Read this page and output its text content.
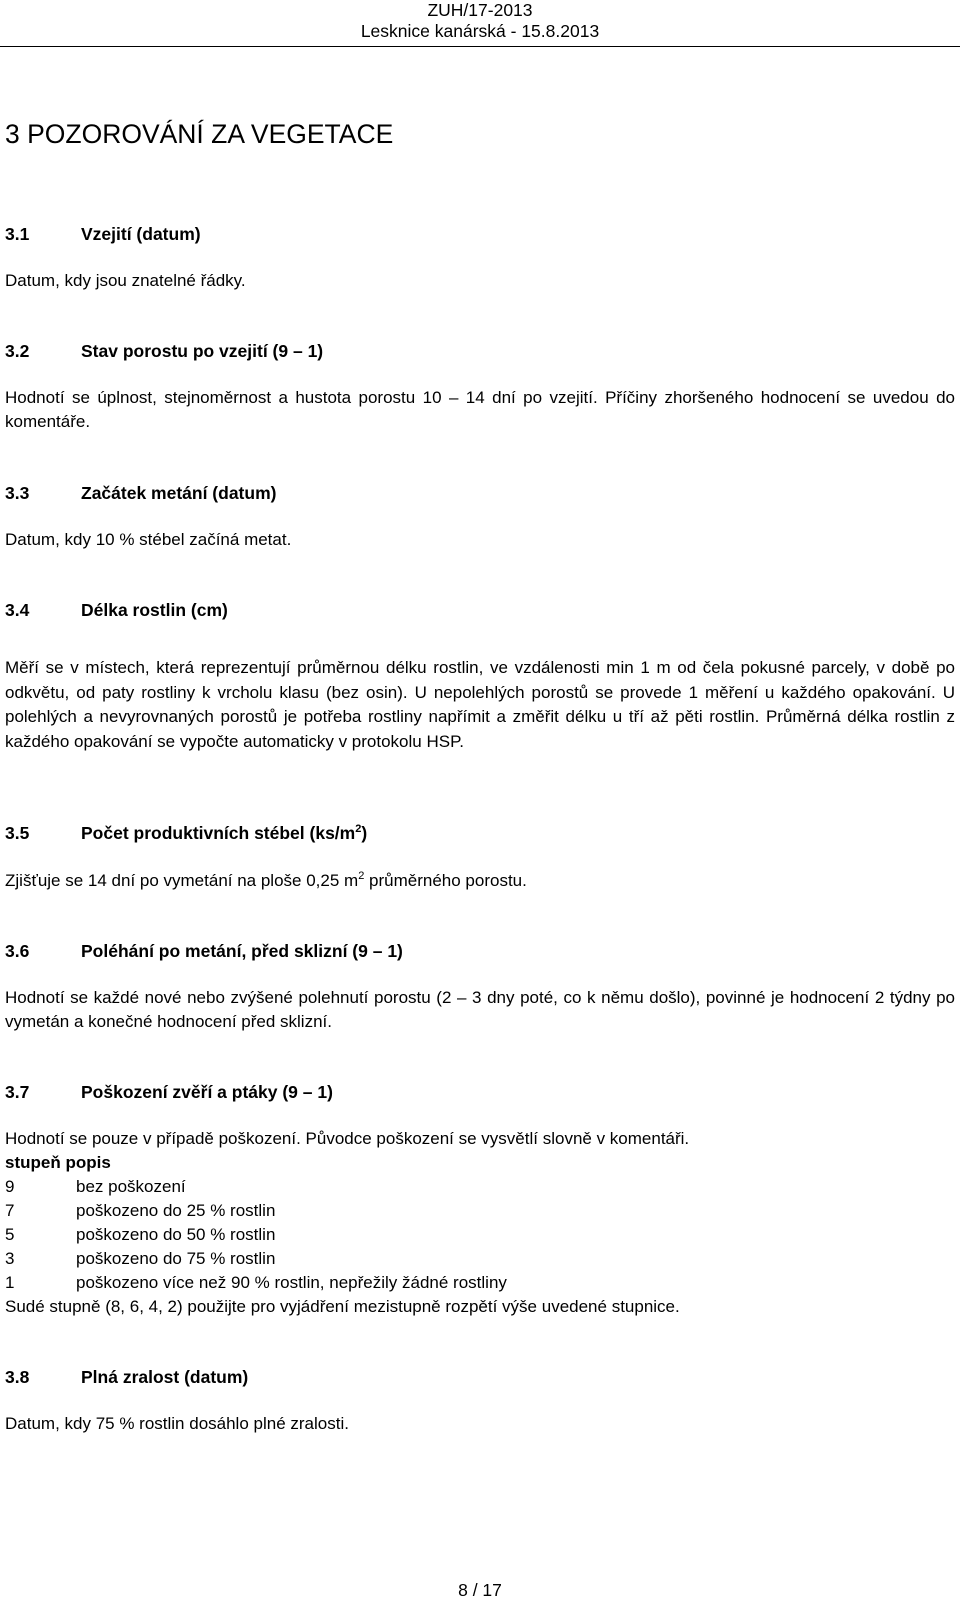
ZUH/17-2013
Lesknice kanárská - 15.8.2013
3 POZOROVÁNÍ ZA VEGETACE
3.1	Vzejití (datum)
Datum, kdy jsou znatelné řádky.
3.2	Stav porostu po vzejití (9 – 1)
Hodnotí se úplnost, stejnoměrnost a hustota porostu 10 – 14 dní po vzejití. Příčiny zhoršeného hodnocení se uvedou do komentáře.
3.3	Začátek metání (datum)
Datum, kdy 10 % stébel začíná metat.
3.4	Délka rostlin (cm)
Měří se v místech, která reprezentují průměrnou délku rostlin, ve vzdálenosti min 1 m od čela pokusné parcely, v době po odkvětu, od paty rostliny k vrcholu klasu (bez osin). U nepolehlých porostů se provede 1 měření u každého opakování. U polehlých a nevyrovnaných porostů je potřeba rostliny napřímit a změřit délku u tří až pěti rostlin. Průměrná délka rostlin z každého opakování se vypočte automaticky v protokolu HSP.
3.5	Počet produktivních stébel $(ks/m^2)$
Zjišťuje se 14 dní po vymetání na ploše 0,25 $m^2$ průměrného porostu.
3.6	Poléhání po metání, před sklizní (9 – 1)
Hodnotí se každé nové nebo zvýšené polehnutí porostu (2 – 3 dny poté, co k němu došlo), povinné je hodnocení 2 týdny po vymetán a konečné hodnocení před sklizní.
3.7	Poškození zvěří a ptáky (9 – 1)
Hodnotí se pouze v případě poškození. Původce poškození se vysvětlí slovně v komentáři.
stupeň popis
9	bez poškození
7	poškozeno do 25 % rostlin
5	poškozeno do 50 % rostlin
3	poškozeno do 75 % rostlin
1	poškozeno více než 90 % rostlin, nepřežily žádné rostliny
Sudé stupně (8, 6, 4, 2) použijte pro vyjádření mezistupně rozpětí výše uvedené stupnice.
3.8	Plná zralost (datum)
Datum, kdy 75 % rostlin dosáhlo plné zralosti.
8 / 17
